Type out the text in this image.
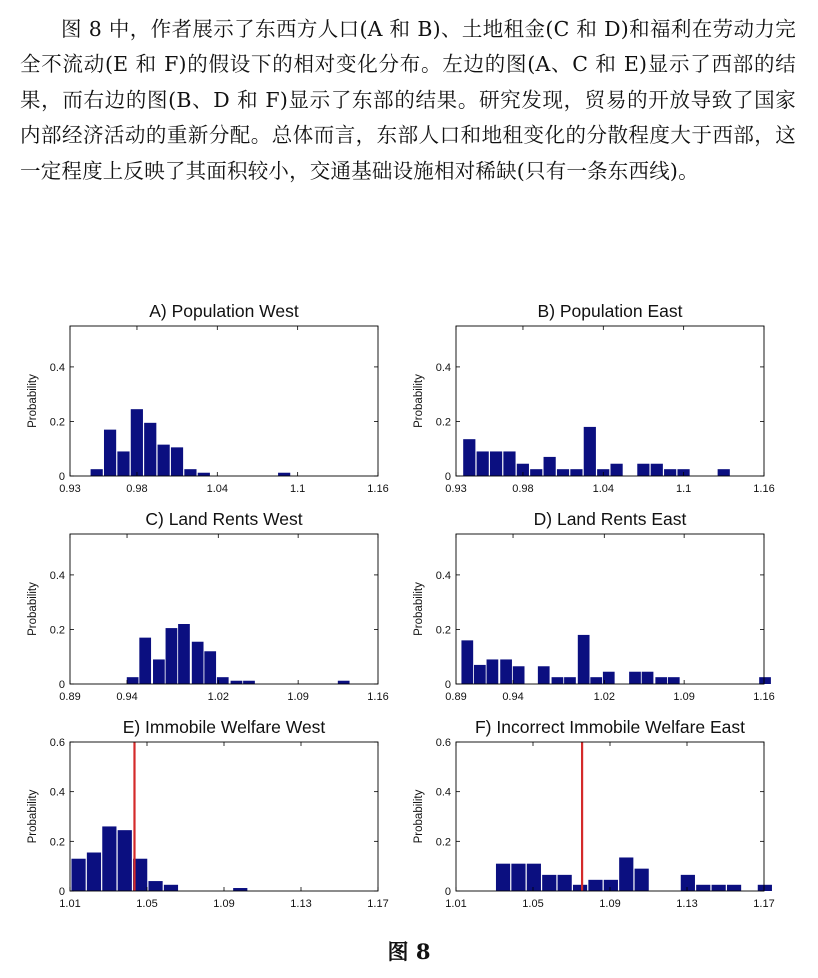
图 8 中，作者展示了东西方人口(A 和 B)、土地租金(C 和 D)和福利在劳动力完全不流动(E 和 F)的假设下的相对变化分布。左边的图(A、C 和 E)显示了西部的结果，而右边的图(B、D 和 F)显示了东部的结果。研究发现，贸易的开放导致了国家内部经济活动的重新分配。总体而言，东部人口和地租变化的分散程度大于西部，这一定程度上反映了其面积较小，交通基础设施相对稀缺(只有一条东西线)。
0.93	0.98	1.04	1.1	1.16
0
0.2
0.4
Probability
A) Population West
0.93	0.98	1.04	1.1	1.16
0
0.2
0.4
Probability
B) Population East
0.89	0.94	1.02	1.09	1.16
0
0.2
0.4
Probability
C) Land Rents West
0.89	0.94	1.02	1.09	1.16
0
0.2
0.4
Probability
D) Land Rents East
1.01	1.05	1.09	1.13	1.17
0
0.2
0.4
0.6
Probability
E) Immobile Welfare West
1.01	1.05	1.09	1.13	1.17
0
0.2
0.4
0.6
Probability
F) Incorrect Immobile Welfare East
图 8
